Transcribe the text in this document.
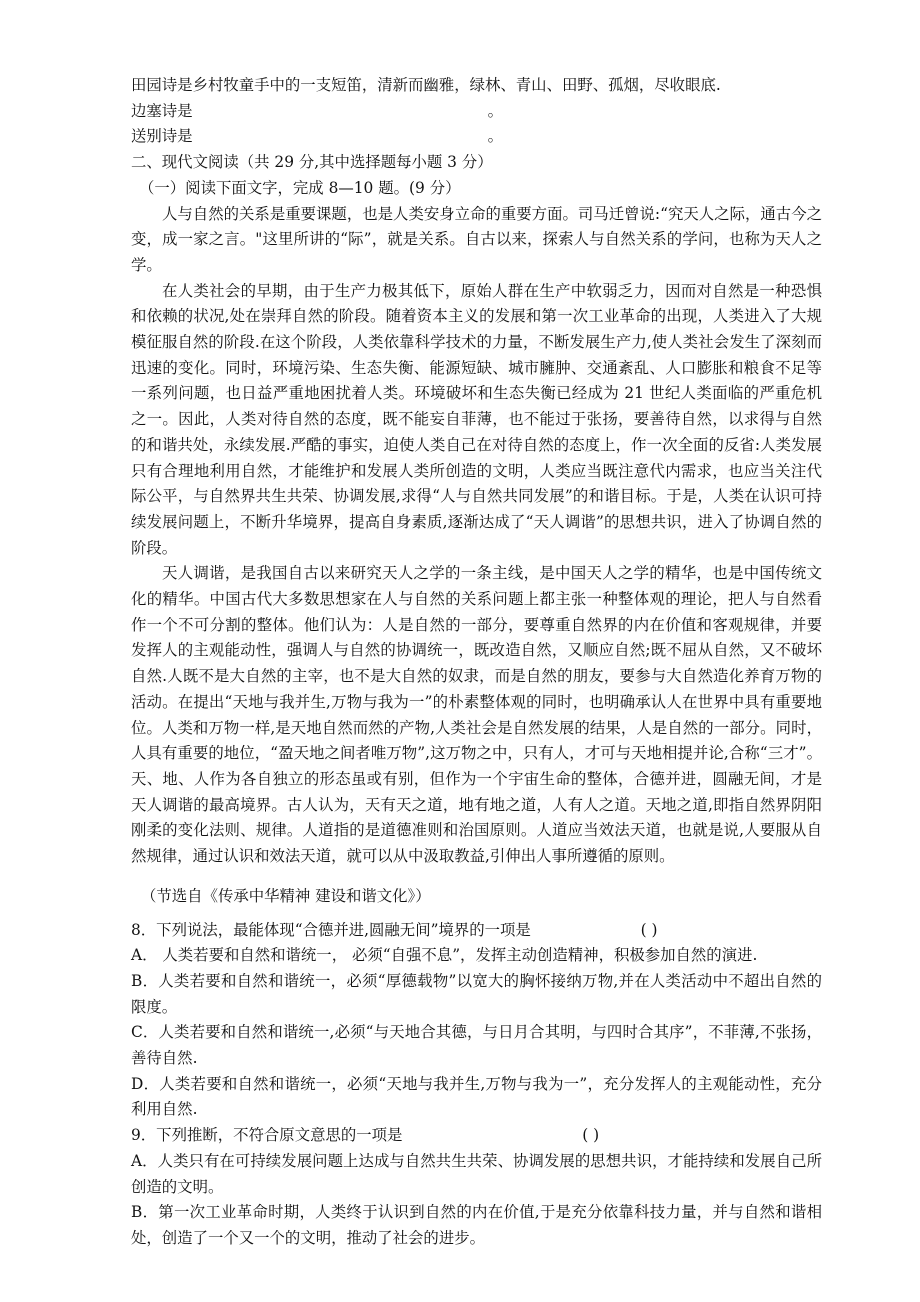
田园诗是乡村牧童手中的一支短笛，清新而幽雅，绿林、青山、田野、孤烟，尽收眼底.
边塞诗是	。
送别诗是	。
二、现代文阅读（共 29 分,其中选择题每小题 3 分）
（一）阅读下面文字，完成 8—10 题。(9 分）

人与自然的关系是重要课题，也是人类安身立命的重要方面。司马迁曾说:“究天人之际，通古今之变，成一家之言。"这里所讲的“际”，就是关系。自古以来，探索人与自然关系的学问，也称为天人之学。

在人类社会的早期，由于生产力极其低下，原始人群在生产中软弱乏力，因而对自然是一种恐惧和依赖的状况,处在崇拜自然的阶段。随着资本主义的发展和第一次工业革命的出现，人类进入了大规模征服自然的阶段.在这个阶段，人类依靠科学技术的力量，不断发展生产力,使人类社会发生了深刻而迅速的变化。同时，环境污染、生态失衡、能源短缺、城市臃肿、交通紊乱、人口膨胀和粮食不足等一系列问题，也日益严重地困扰着人类。环境破坏和生态失衡已经成为 21 世纪人类面临的严重危机之一。因此，人类对待自然的态度，既不能妄自菲薄，也不能过于张扬，要善待自然，以求得与自然的和谐共处，永续发展.严酷的事实，迫使人类自己在对待自然的态度上，作一次全面的反省:人类发展只有合理地利用自然，才能维护和发展人类所创造的文明，人类应当既注意代内需求，也应当关注代际公平，与自然界共生共荣、协调发展,求得“人与自然共同发展”的和谐目标。于是，人类在认识可持续发展问题上，不断升华境界，提高自身素质,逐渐达成了“天人调谐”的思想共识，进入了协调自然的阶段。

天人调谐，是我国自古以来研究天人之学的一条主线，是中国天人之学的精华，也是中国传统文化的精华。中国古代大多数思想家在人与自然的关系问题上都主张一种整体观的理论，把人与自然看作一个不可分割的整体。他们认为：人是自然的一部分，要尊重自然界的内在价值和客观规律，并要发挥人的主观能动性，强调人与自然的协调统一，既改造自然，又顺应自然;既不屈从自然，又不破坏自然.人既不是大自然的主宰，也不是大自然的奴隶，而是自然的朋友，要参与大自然造化养育万物的活动。在提出“天地与我并生,万物与我为一”的朴素整体观的同时，也明确承认人在世界中具有重要地位。人类和万物一样,是天地自然而然的产物,人类社会是自然发展的结果，人是自然的一部分。同时，人具有重要的地位，“盈天地之间者唯万物”,这万物之中，只有人，才可与天地相提并论,合称“三才”。天、地、人作为各自独立的形态虽或有别，但作为一个宇宙生命的整体，合德并进，圆融无间，才是天人调谐的最高境界。古人认为，天有天之道，地有地之道，人有人之道。天地之道,即指自然界阴阳刚柔的变化法则、规律。人道指的是道德准则和治国原则。人道应当效法天道，也就是说,人要服从自然规律，通过认识和效法天道，就可以从中汲取教益,引伸出人事所遵循的原则。

（节选自《传承中华精神 建设和谐文化》）
8．下列说法，最能体现“合德并进,圆融无间”境界的一项是	( )

A． 人类若要和自然和谐统一， 必须“自强不息”，发挥主动创造精神，积极参加自然的演进.

B．人类若要和自然和谐统一，必须“厚德载物”以宽大的胸怀接纳万物,并在人类活动中不超出自然的限度。

C．人类若要和自然和谐统一,必须“与天地合其德，与日月合其明，与四时合其序”，不菲薄,不张扬，善待自然.

D．人类若要和自然和谐统一，必须“天地与我并生,万物与我为一”，充分发挥人的主观能动性，充分利用自然.

9．下列推断，不符合原文意思的一项是	( )

A．人类只有在可持续发展问题上达成与自然共生共荣、协调发展的思想共识，才能持续和发展自己所创造的文明。

B．第一次工业革命时期，人类终于认识到自然的内在价值,于是充分依靠科技力量，并与自然和谐相处，创造了一个又一个的文明，推动了社会的进步。
